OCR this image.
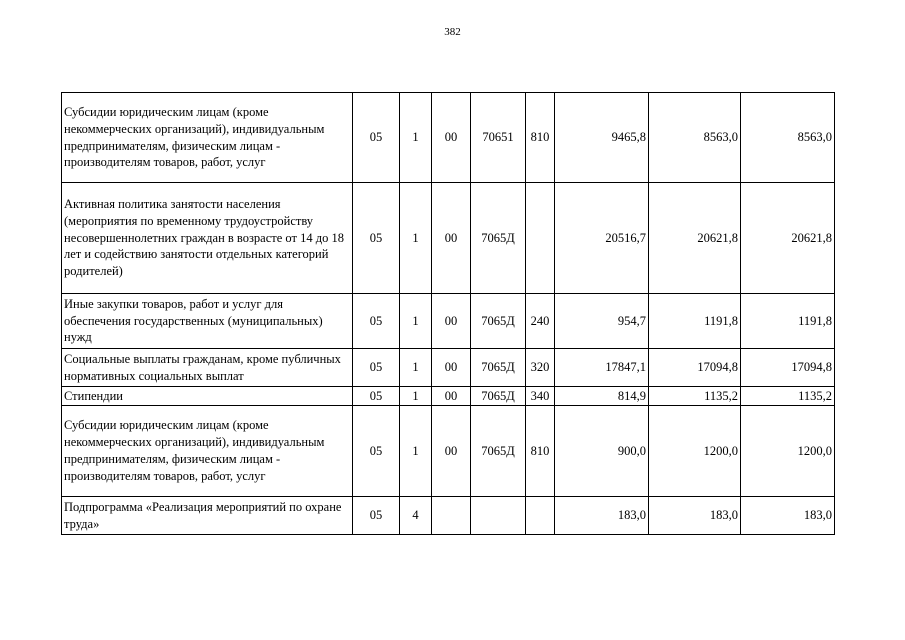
382
Субсидии юридическим лицам (кроме некоммерческих организаций), индивидуальным предпринимателям, физическим лицам - производителям товаров, работ, услуг	05	1	00	70651	810	9465,8	8563,0	8563,0
Активная политика занятости населения (мероприятия по временному трудоустройству несовершеннолетних граждан в возрасте от 14 до 18 лет и содействию занятости отдельных категорий родителей)	05	1	00	7065Д		20516,7	20621,8	20621,8
Иные закупки товаров, работ и услуг для обеспечения государственных (муниципальных) нужд	05	1	00	7065Д	240	954,7	1191,8	1191,8
Социальные выплаты гражданам, кроме публичных нормативных социальных выплат	05	1	00	7065Д	320	17847,1	17094,8	17094,8
Стипендии	05	1	00	7065Д	340	814,9	1135,2	1135,2
Субсидии юридическим лицам (кроме некоммерческих организаций), индивидуальным предпринимателям, физическим лицам - производителям товаров, работ, услуг	05	1	00	7065Д	810	900,0	1200,0	1200,0
Подпрограмма «Реализация мероприятий по охране труда»	05	4				183,0	183,0	183,0
